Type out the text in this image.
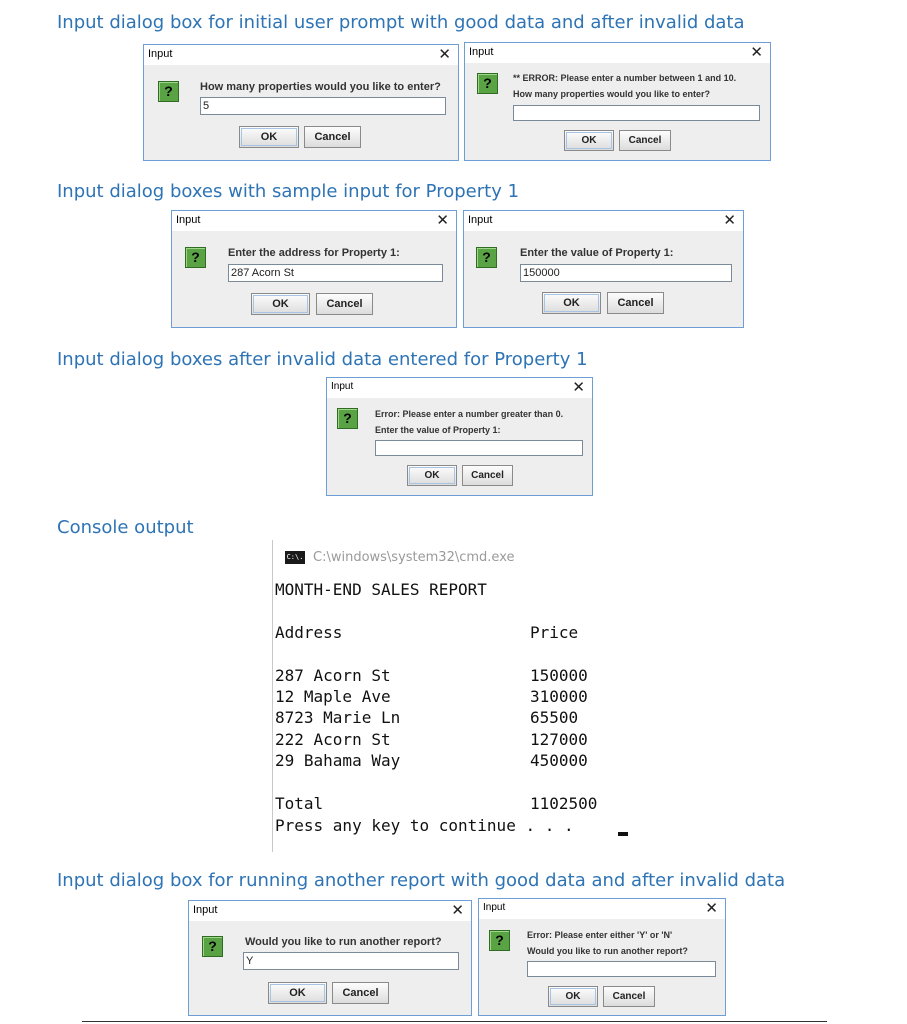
Input dialog box for initial user prompt with good data and after invalid data
Input	✕
?	How many properties would you like to enter?
5
OK	Cancel
Input	✕
?	** ERROR: Please enter a number between 1 and 10.
How many properties would you like to enter?
OK	Cancel
Input dialog boxes with sample input for Property 1
Input	✕
?	Enter the address for Property 1:
287 Acorn St
OK	Cancel
Input	✕
?	Enter the value of Property 1:
150000
OK	Cancel
Input dialog boxes after invalid data entered for Property 1
Input	✕
?	Error: Please enter a number greater than 0.
Enter the value of Property 1:
OK	Cancel
Console output
C:\. C:\windows\system32\cmd.exe
MONTH-END SALES REPORT
Address	Price
287 Acorn St	150000
12 Maple Ave	310000
8723 Marie Ln	65500
222 Acorn St	127000
29 Bahama Way	450000
Total	1102500
Press any key to continue . . .
Input dialog box for running another report with good data and after invalid data
Input	✕
?	Would you like to run another report?
Y
OK	Cancel
Input	✕
?	Error: Please enter either 'Y' or 'N'
Would you like to run another report?
OK	Cancel
